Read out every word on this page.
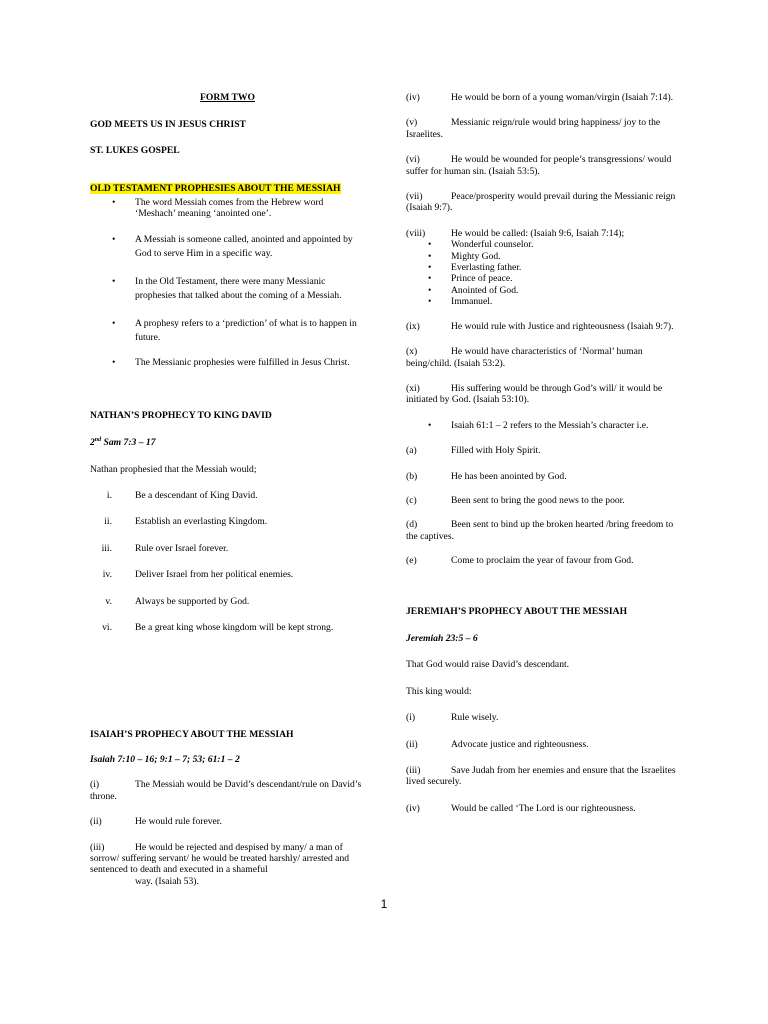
FORM TWO

GOD MEETS US IN JESUS CHRIST

ST. LUKES GOSPEL

OLD TESTAMENT PROPHESIES ABOUT THE MESSIAH

• The word Messiah comes from the Hebrew word ‘Meshach’ meaning ‘anointed one’.
• A Messiah is someone called, anointed and appointed by God to serve Him in a specific way.
• In the Old Testament, there were many Messianic prophesies that talked about the coming of a Messiah.
• A prophesy refers to a ‘prediction’ of what is to happen in future.
• The Messianic prophesies were fulfilled in Jesus Christ.

NATHAN’S PROPHECY TO KING DAVID

2nd Sam 7:3 – 17

Nathan prophesied that the Messiah would;

i. Be a descendant of King David.
ii. Establish an everlasting Kingdom.
iii. Rule over Israel forever.
iv. Deliver Israel from her political enemies.
v. Always be supported by God.
vi. Be a great king whose kingdom will be kept strong.

ISAIAH’S PROPHECY ABOUT THE MESSIAH

Isaiah 7:10 – 16; 9:1 – 7; 53; 61:1 – 2

(i)	The Messiah would be David’s descendant/rule on David’s throne.

(ii)	He would rule forever.

(iii)	He would be rejected and despised by many/ a man of sorrow/ suffering servant/ he would be treated harshly/ arrested and sentenced to death and executed in a shameful

way. (Isaiah 53).

(iv)	He would be born of a young woman/virgin (Isaiah 7:14).

(v)	Messianic reign/rule would bring happiness/ joy to the Israelites.

(vi)	He would be wounded for people’s transgressions/ would suffer for human sin. (Isaiah 53:5).

(vii)	Peace/prosperity would prevail during the Messianic reign (Isaiah 9:7).

(viii)	He would be called: (Isaiah 9:6, Isaiah 7:14);

• Wonderful counselor.
• Mighty God.
• Everlasting father.
• Prince of peace.
• Anointed of God.
• Immanuel.

(ix)	He would rule with Justice and righteousness (Isaiah 9:7).

(x)	He would have characteristics of ‘Normal’ human being/child. (Isaiah 53:2).

(xi)	His suffering would be through God’s will/ it would be initiated by God. (Isaiah 53:10).

• Isaiah 61:1 – 2 refers to the Messiah’s character i.e.

(a)	Filled with Holy Spirit.

(b)	He has been anointed by God.

(c)	Been sent to bring the good news to the poor.

(d)	Been sent to bind up the broken hearted /bring freedom to the captives.

(e)	Come to proclaim the year of favour from God.

JEREMIAH’S PROPHECY ABOUT THE MESSIAH

Jeremiah 23:5 – 6

That God would raise David’s descendant.

This king would:

(i)	Rule wisely.

(ii)	Advocate justice and righteousness.

(iii)	Save Judah from her enemies and ensure that the Israelites lived securely.

(iv)	Would be called ‘The Lord is our righteousness.

1
